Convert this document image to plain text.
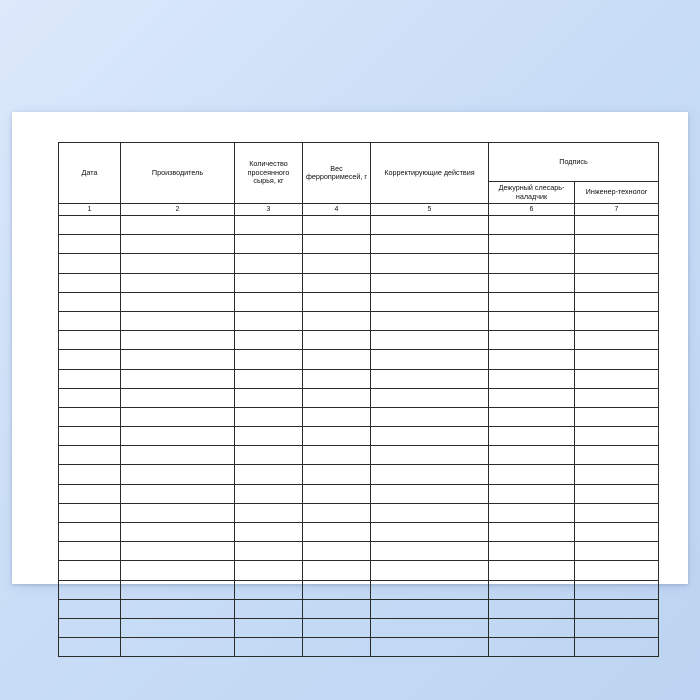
Дата	Производитель	Количество просеянного сырья, кг	Вес ферропримесей, г	Корректирующие действия	Подпись	
					Дежурный слесарь-наладчик	Инженер-технолог
1	2	3	4	5	6	7
